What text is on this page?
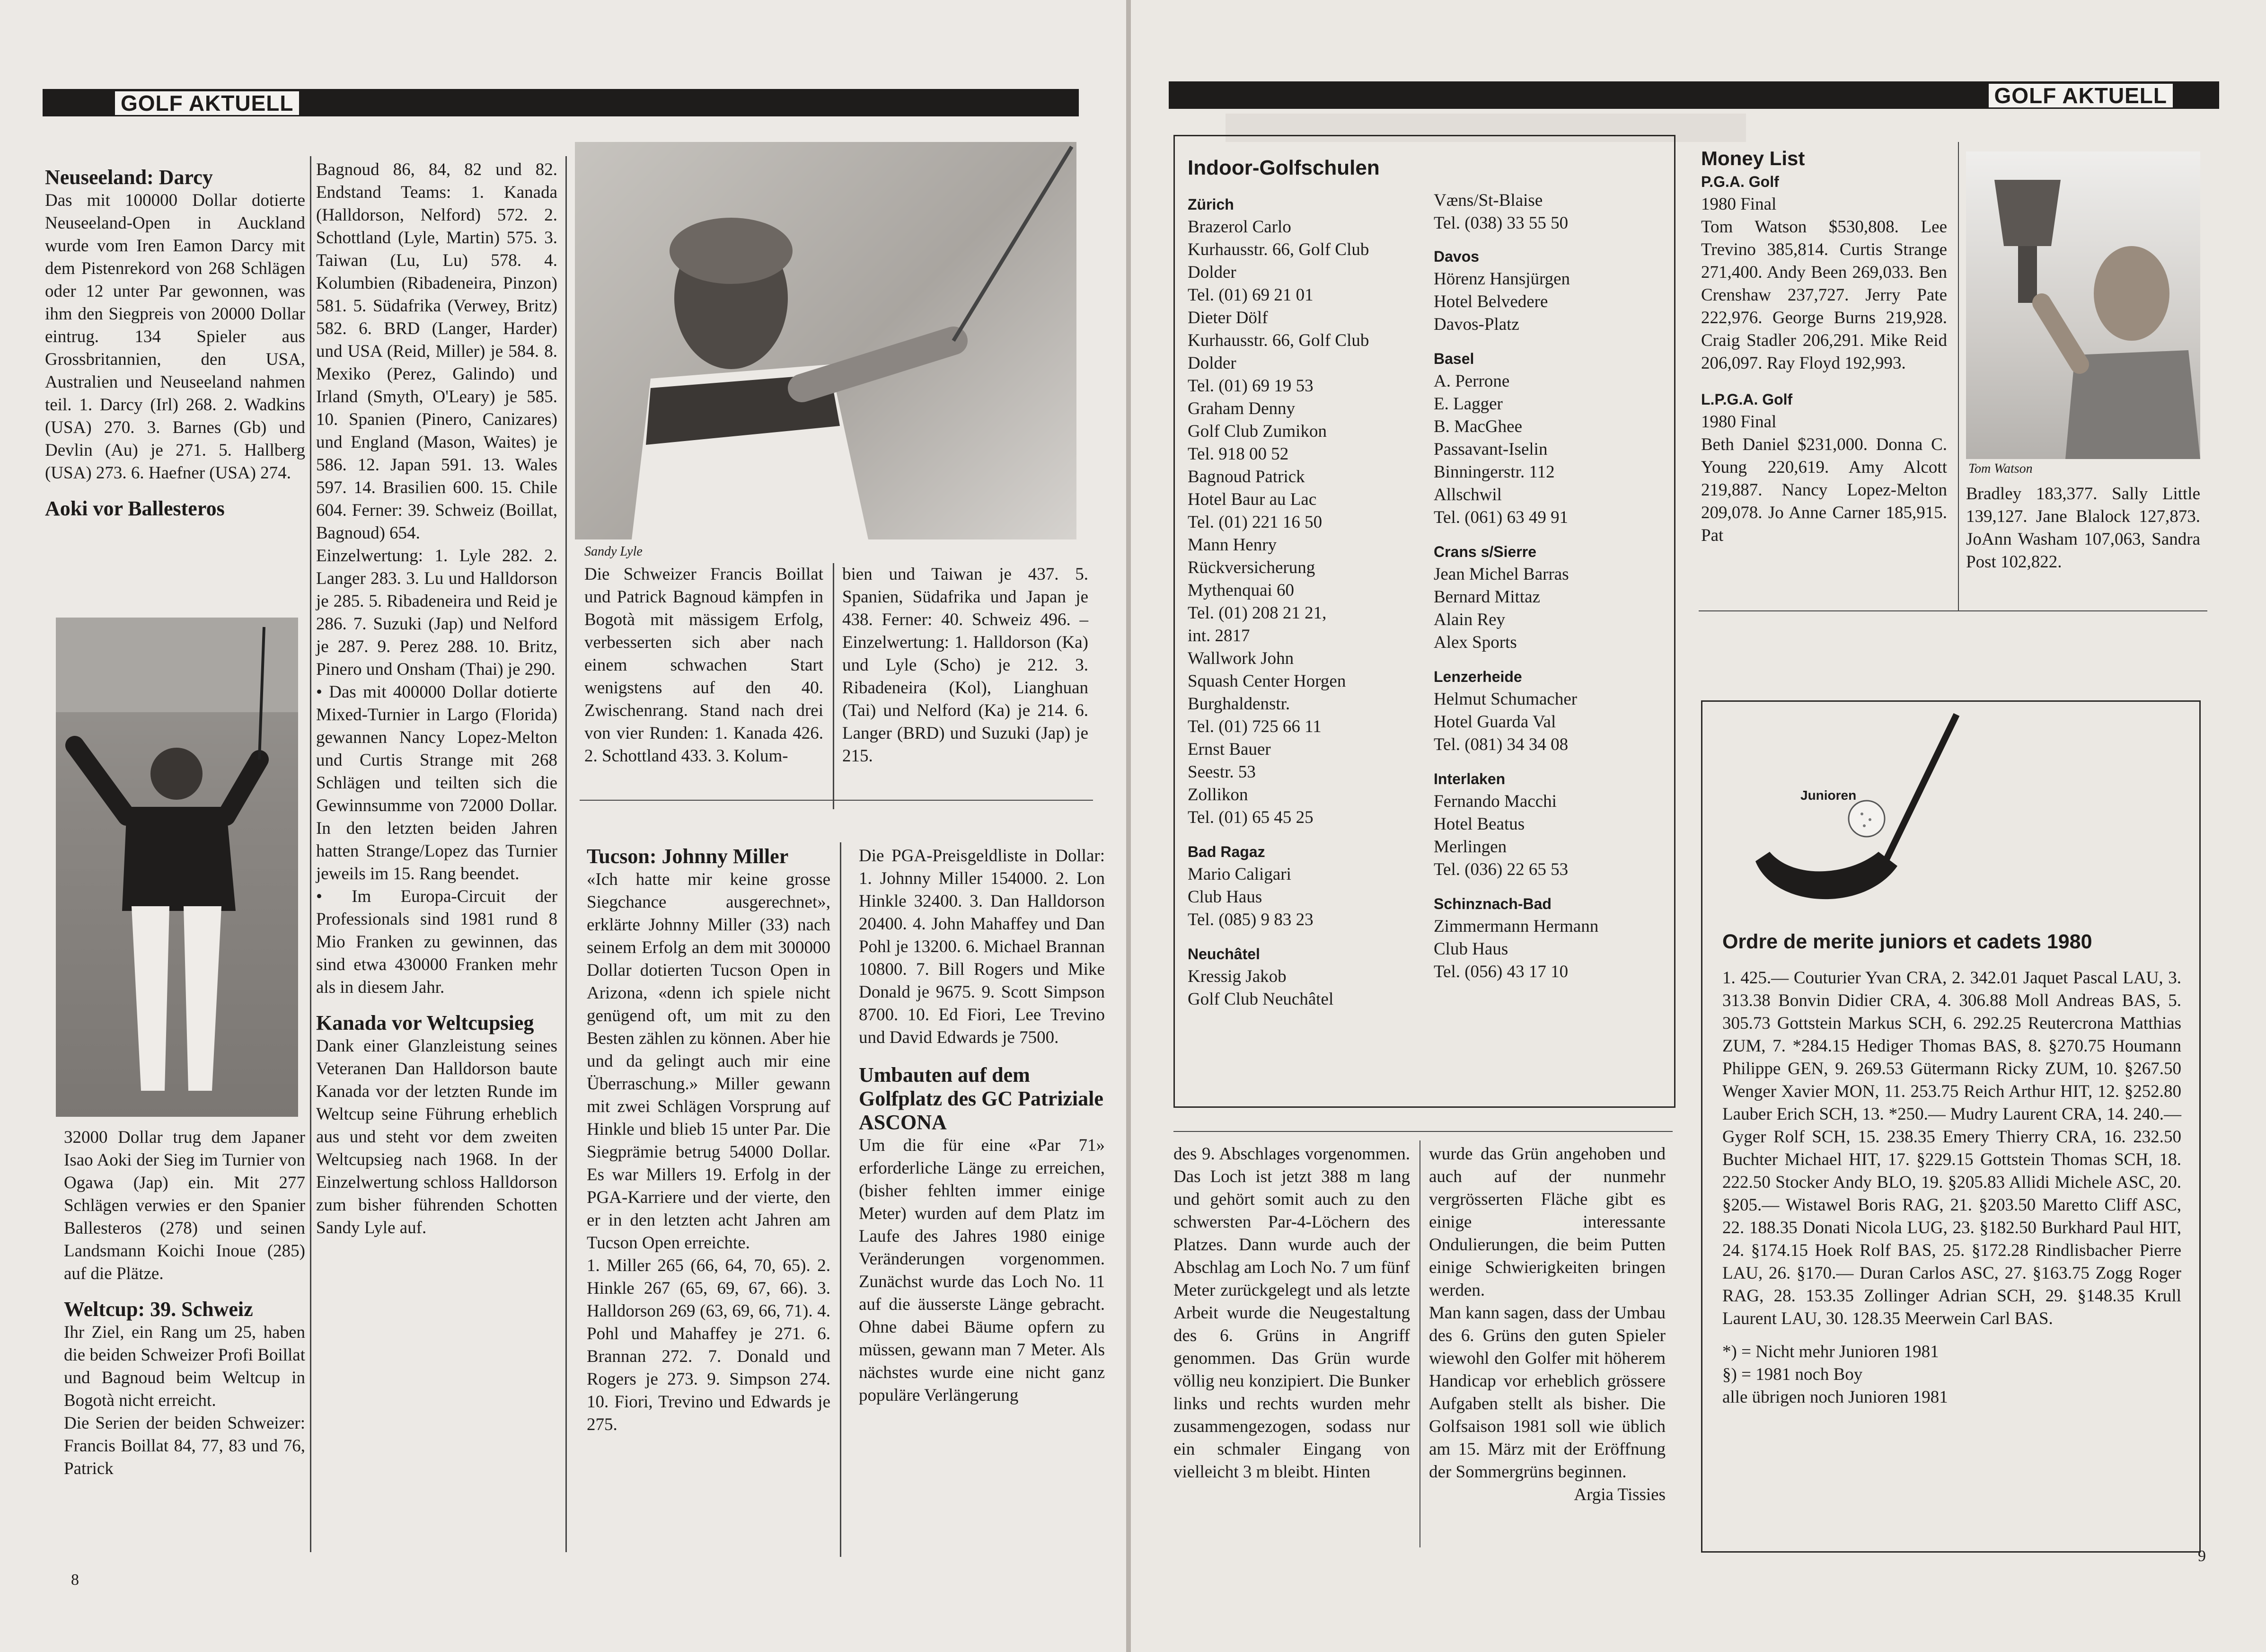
GOLF AKTUELL
Neuseeland: Darcy

Das mit 100000 Dollar dotierte Neuseeland-Open in Auckland wurde vom Iren Eamon Darcy mit dem Pistenrekord von 268 Schlägen oder 12 unter Par gewonnen, was ihm den Siegpreis von 20000 Dollar eintrug. 134 Spieler aus Grossbritannien, den USA, Australien und Neuseeland nahmen teil. 1. Darcy (Irl) 268. 2. Wadkins (USA) 270. 3. Barnes (Gb) und Devlin (Au) je 271. 5. Hallberg (USA) 273. 6. Haefner (USA) 274.

Aoki vor Ballesteros

32000 Dollar trug dem Japaner Isao Aoki der Sieg im Turnier von Ogawa (Jap) ein. Mit 277 Schlägen verwies er den Spanier Ballesteros (278) und seinen Landsmann Koichi Inoue (285) auf die Plätze.

Weltcup: 39. Schweiz

Ihr Ziel, ein Rang um 25, haben die beiden Schweizer Profi Boillat und Bagnoud beim Weltcup in Bogotà nicht erreicht.

Die Serien der beiden Schweizer: Francis Boillat 84, 77, 83 und 76, Patrick

8

Bagnoud 86, 84, 82 und 82. Endstand Teams: 1. Kanada (Halldorson, Nelford) 572. 2. Schottland (Lyle, Martin) 575. 3. Taiwan (Lu, Lu) 578. 4. Kolumbien (Ribadeneira, Pinzon) 581. 5. Südafrika (Verwey, Britz) 582. 6. BRD (Langer, Harder) und USA (Reid, Miller) je 584. 8. Mexiko (Perez, Galindo) und Irland (Smyth, O'Leary) je 585. 10. Spanien (Pinero, Canizares) und England (Mason, Waites) je 586. 12. Japan 591. 13. Wales 597. 14. Brasilien 600. 15. Chile 604. Ferner: 39. Schweiz (Boillat, Bagnoud) 654.

Einzelwertung: 1. Lyle 282. 2. Langer 283. 3. Lu und Halldorson je 285. 5. Ribadeneira und Reid je 286. 7. Suzuki (Jap) und Nelford je 287. 9. Perez 288. 10. Britz, Pinero und Onsham (Thai) je 290.

• Das mit 400000 Dollar dotierte Mixed-Turnier in Largo (Florida) gewannen Nancy Lopez-Melton und Curtis Strange mit 268 Schlägen und teilten sich die Gewinnsumme von 72000 Dollar. In den letzten beiden Jahren hatten Strange/Lopez das Turnier jeweils im 15. Rang beendet.

• Im Europa-Circuit der Professionals sind 1981 rund 8 Mio Franken zu gewinnen, das sind etwa 430000 Franken mehr als in diesem Jahr.

Kanada vor Weltcupsieg

Dank einer Glanzleistung seines Veteranen Dan Halldorson baute Kanada vor der letzten Runde im Weltcup seine Führung erheblich aus und steht vor dem zweiten Weltcupsieg nach 1968. In der Einzelwertung schloss Halldorson zum bisher führenden Schotten Sandy Lyle auf.

Sandy Lyle

Die Schweizer Francis Boillat und Patrick Bagnoud kämpfen in Bogotà mit mässigem Erfolg, verbesserten sich aber nach einem schwachen Start wenigstens auf den 40. Zwischenrang. Stand nach drei von vier Runden: 1. Kanada 426. 2. Schottland 433. 3. Kolum-

bien und Taiwan je 437. 5. Spanien, Südafrika und Japan je 438. Ferner: 40. Schweiz 496. – Einzelwertung: 1. Halldorson (Ka) und Lyle (Scho) je 212. 3. Ribadeneira (Kol), Lianghuan (Tai) und Nelford (Ka) je 214. 6. Langer (BRD) und Suzuki (Jap) je 215.

Tucson: Johnny Miller

«Ich hatte mir keine grosse Siegchance ausgerechnet», erklärte Johnny Miller (33) nach seinem Erfolg an dem mit 300000 Dollar dotierten Tucson Open in Arizona, «denn ich spiele nicht genügend oft, um mit zu den Besten zählen zu können. Aber hie und da gelingt auch mir eine Überraschung.» Miller gewann mit zwei Schlägen Vorsprung auf Hinkle und blieb 15 unter Par. Die Siegprämie betrug 54000 Dollar. Es war Millers 19. Erfolg in der PGA-Karriere und der vierte, den er in den letzten acht Jahren am Tucson Open erreichte.

1. Miller 265 (66, 64, 70, 65). 2. Hinkle 267 (65, 69, 67, 66). 3. Halldorson 269 (63, 69, 66, 71). 4. Pohl und Mahaffey je 271. 6. Brannan 272. 7. Donald und Rogers je 273. 9. Simpson 274. 10. Fiori, Trevino und Edwards je 275.

Die PGA-Preisgeldliste in Dollar: 1. Johnny Miller 154000. 2. Lon Hinkle 32400. 3. Dan Halldorson 20400. 4. John Mahaffey und Dan Pohl je 13200. 6. Michael Brannan 10800. 7. Bill Rogers und Mike Donald je 9675. 9. Scott Simpson 8700. 10. Ed Fiori, Lee Trevino und David Edwards je 7500.

Umbauten auf dem Golfplatz des GC Patriziale ASCONA

Um die für eine «Par 71» erforderliche Länge zu erreichen, (bisher fehlten immer einige Meter) wurden auf dem Platz im Laufe des Jahres 1980 einige Veränderungen vorgenommen. Zunächst wurde das Loch No. 11 auf die äusserste Länge gebracht. Ohne dabei Bäume opfern zu müssen, gewann man 7 Meter. Als nächstes wurde eine nicht ganz populäre Verlängerung

GOLF AKTUELL
Indoor-Golfschulen
Zürich
Brazerol Carlo
Kurhausstr. 66, Golf Club
Dolder
Tel. (01) 69 21 01
Dieter Dölf
Kurhausstr. 66, Golf Club
Dolder
Tel. (01) 69 19 53
Graham Denny
Golf Club Zumikon
Tel. 918 00 52
Bagnoud Patrick
Hotel Baur au Lac
Tel. (01) 221 16 50
Mann Henry
Rückversicherung
Mythenquai 60
Tel. (01) 208 21 21,
int. 2817
Wallwork John
Squash Center Horgen
Burghaldenstr.
Tel. (01) 725 66 11
Ernst Bauer
Seestr. 53
Zollikon
Tel. (01) 65 45 25
Bad Ragaz
Mario Caligari
Club Haus
Tel. (085) 9 83 23
Neuchâtel
Kressig Jakob
Golf Club Neuchâtel
Væns/St-Blaise
Tel. (038) 33 55 50
Davos
Hörenz Hansjürgen
Hotel Belvedere
Davos-Platz
Basel
A. Perrone
E. Lagger
B. MacGhee
Passavant-Iselin
Binningerstr. 112
Allschwil
Tel. (061) 63 49 91
Crans s/Sierre
Jean Michel Barras
Bernard Mittaz
Alain Rey
Alex Sports
Lenzerheide
Helmut Schumacher
Hotel Guarda Val
Tel. (081) 34 34 08
Interlaken
Fernando Macchi
Hotel Beatus
Merlingen
Tel. (036) 22 65 53
Schinznach-Bad
Zimmermann Hermann
Club Haus
Tel. (056) 43 17 10
Money List
P.G.A. Golf
1980 Final

Tom Watson $530,808. Lee Trevino 385,814. Curtis Strange 271,400. Andy Been 269,033. Ben Crenshaw 237,727. Jerry Pate 222,976. George Burns 219,928. Craig Stadler 206,291. Mike Reid 206,097. Ray Floyd 192,993.

L.P.G.A. Golf
1980 Final

Beth Daniel $231,000. Donna C. Young 220,619. Amy Alcott 219,887. Nancy Lopez-Melton 209,078. Jo Anne Carner 185,915. Pat

Tom Watson

Bradley 183,377. Sally Little 139,127. Jane Blalock 127,873. JoAnn Washam 107,063, Sandra Post 102,822.

Junioren
Ordre de merite juniors et cadets 1980

1. 425.— Couturier Yvan CRA, 2. 342.01 Jaquet Pascal LAU, 3. 313.38 Bonvin Didier CRA, 4. 306.88 Moll Andreas BAS, 5. 305.73 Gottstein Markus SCH, 6. 292.25 Reutercrona Matthias ZUM, 7. *284.15 Hediger Thomas BAS, 8. §270.75 Houmann Philippe GEN, 9. 269.53 Gütermann Ricky ZUM, 10. §267.50 Wenger Xavier MON, 11. 253.75 Reich Arthur HIT, 12. §252.80 Lauber Erich SCH, 13. *250.— Mudry Laurent CRA, 14. 240.— Gyger Rolf SCH, 15. 238.35 Emery Thierry CRA, 16. 232.50 Buchter Michael HIT, 17. §229.15 Gottstein Thomas SCH, 18. 222.50 Stocker Andy BLO, 19. §205.83 Allidi Michele ASC, 20. §205.— Wistawel Boris RAG, 21. §203.50 Maretto Cliff ASC, 22. 188.35 Donati Nicola LUG, 23. §182.50 Burkhard Paul HIT, 24. §174.15 Hoek Rolf BAS, 25. §172.28 Rindlisbacher Pierre LAU, 26. §170.— Duran Carlos ASC, 27. §163.75 Zogg Roger RAG, 28. 153.35 Zollinger Adrian SCH, 29. §148.35 Krull Laurent LAU, 30. 128.35 Meerwein Carl BAS.

*) = Nicht mehr Junioren 1981
§) = 1981 noch Boy
alle übrigen noch Junioren 1981

des 9. Abschlages vorgenommen. Das Loch ist jetzt 388 m lang und gehört somit auch zu den schwersten Par-4-Löchern des Platzes. Dann wurde auch der Abschlag am Loch No. 7 um fünf Meter zurückgelegt und als letzte Arbeit wurde die Neugestaltung des 6. Grüns in Angriff genommen. Das Grün wurde völlig neu konzipiert. Die Bunker links und rechts wurden mehr zusammengezogen, sodass nur ein schmaler Eingang von vielleicht 3 m bleibt. Hinten

wurde das Grün angehoben und auch auf der nunmehr vergrösserten Fläche gibt es einige interessante Ondulierungen, die beim Putten einige Schwierigkeiten bringen werden.

Man kann sagen, dass der Umbau des 6. Grüns den guten Spieler wiewohl den Golfer mit höherem Handicap vor erheblich grössere Aufgaben stellt als bisher. Die Golfsaison 1981 soll wie üblich am 15. März mit der Eröffnung der Sommergrüns beginnen.

Argia Tissies
9
